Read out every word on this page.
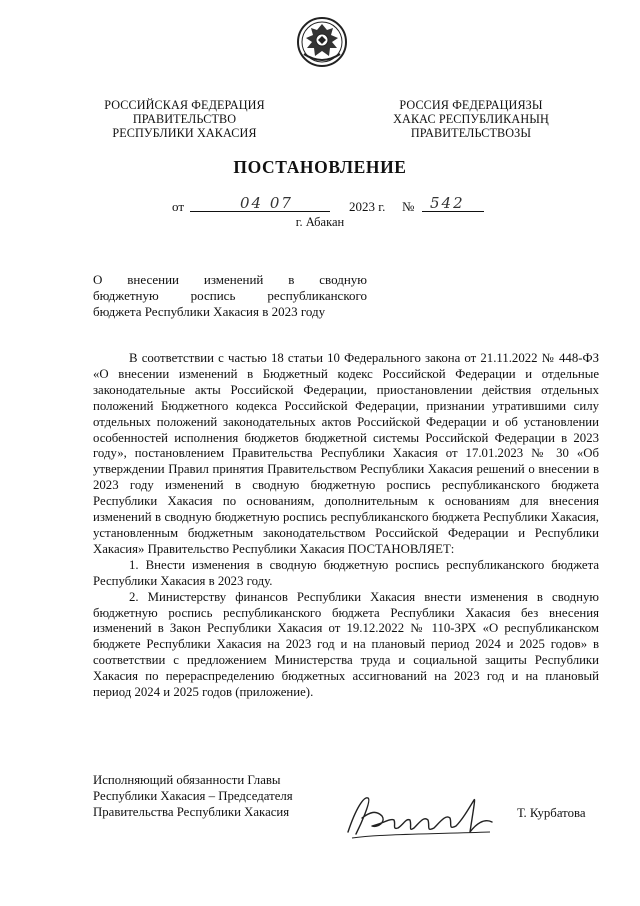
РОССИЙСКАЯ ФЕДЕРАЦИЯ
ПРАВИТЕЛЬСТВО
РЕСПУБЛИКИ ХАКАСИЯ
РОССИЯ ФЕДЕРАЦИЯЗЫ
ХАКАС РЕСПУБЛИКАНЫҢ
ПРАВИТЕЛЬСТВОЗЫ
ПОСТАНОВЛЕНИЕ
от	04 07	2023 г. № 542
г. Абакан
О внесении изменений в сводную
бюджетную роспись республиканского
бюджета Республики Хакасия в 2023 году

В соответствии с частью 18 статьи 10 Федерального закона от 21.11.2022 № 448-ФЗ «О внесении изменений в Бюджетный кодекс Российской Федерации и отдельные законодательные акты Российской Федерации, приостановлении действия отдельных положений Бюджетного кодекса Российской Федерации, признании утратившими силу отдельных положений законодательных актов Российской Федерации и об установлении особенностей исполнения бюджетов бюджетной системы Российской Федерации в 2023 году», постановлением Правительства Республики Хакасия от 17.01.2023 № 30 «Об утверждении Правил принятия Правительством Республики Хакасия решений о внесении в 2023 году изменений в сводную бюджетную роспись республиканского бюджета Республики Хакасия по основаниям, дополнительным к основаниям для внесения изменений в сводную бюджетную роспись республиканского бюджета Республики Хакасия, установленным бюджетным законодательством Российской Федерации и Республики Хакасия» Правительство Республики Хакасия ПОСТАНОВЛЯЕТ:

1. Внести изменения в сводную бюджетную роспись республиканского бюджета Республики Хакасия в 2023 году.

2. Министерству финансов Республики Хакасия внести изменения в сводную бюджетную роспись республиканского бюджета Республики Хакасия без внесения изменений в Закон Республики Хакасия от 19.12.2022 № 110-ЗРХ «О республиканском бюджете Республики Хакасия на 2023 год и на плановый период 2024 и 2025 годов» в соответствии с предложением Министерства труда и социальной защиты Республики Хакасия по перераспределению бюджетных ассигнований на 2023 год и на плановый период 2024 и 2025 годов (приложение).

Исполняющий обязанности Главы
Республики Хакасия – Председателя
Правительства Республики Хакасия	Т. Курбатова
